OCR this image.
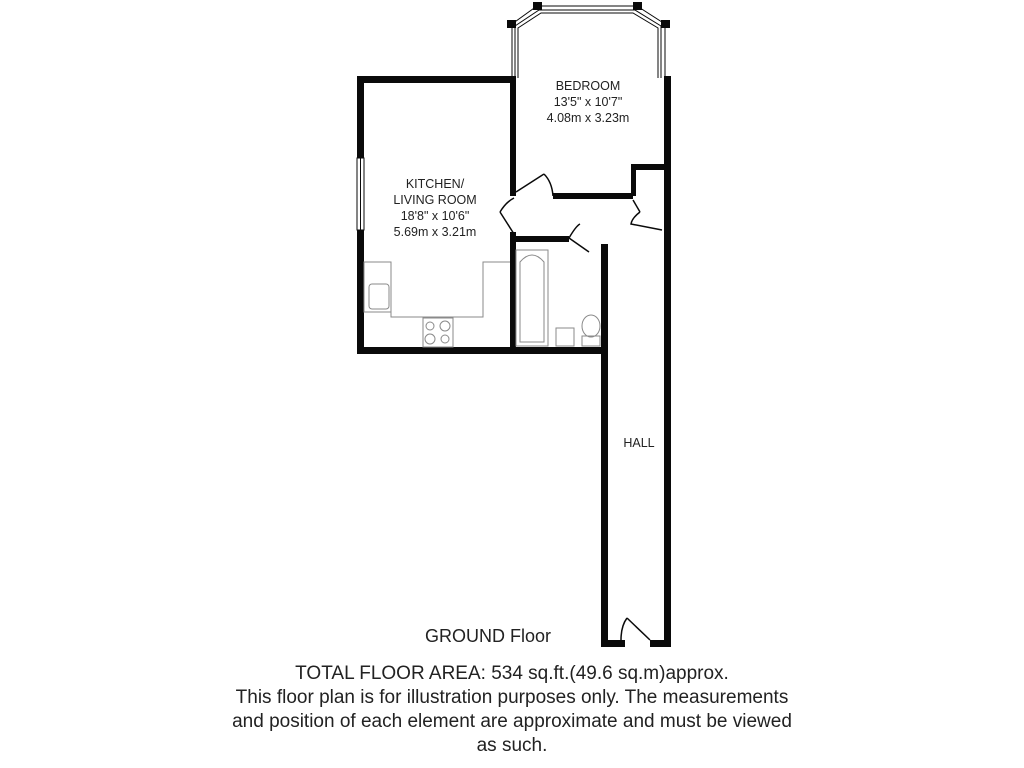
BEDROOM
13'5" x 10'7"
4.08m x 3.23m
KITCHEN/
LIVING ROOM
18'8" x 10'6"
5.69m x 3.21m
HALL
GROUND Floor
TOTAL FLOOR AREA: 534 sq.ft.(49.6 sq.m)approx.
This floor plan is for illustration purposes only. The measurements
and position of each element are approximate and must be viewed
as such.
